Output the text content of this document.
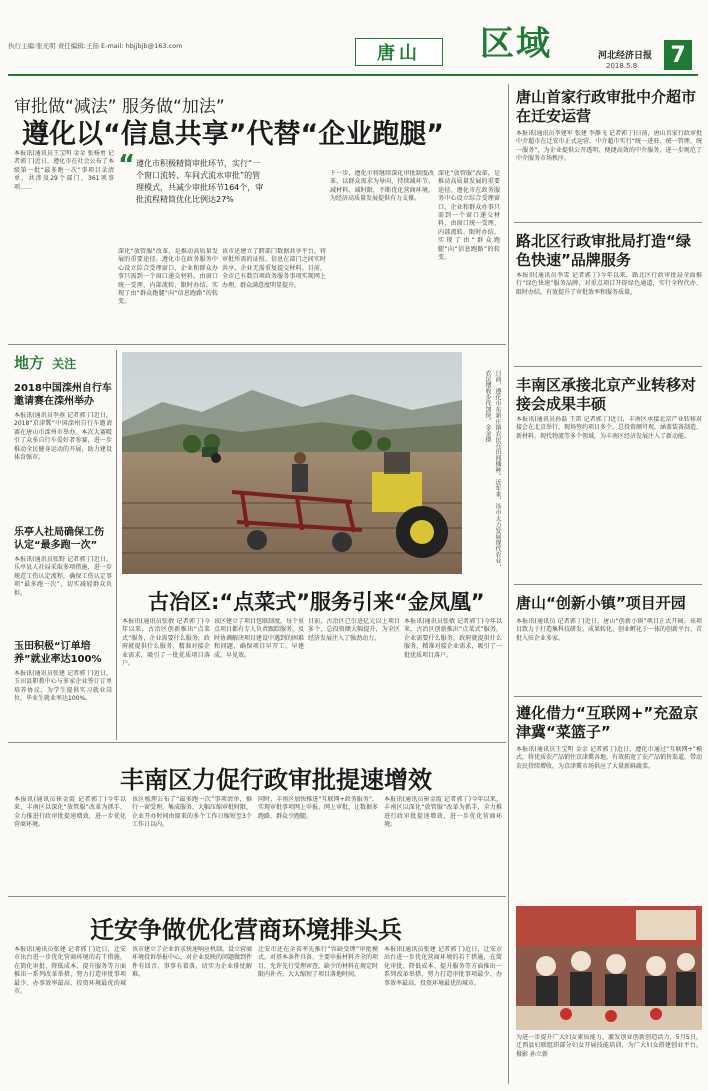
执行主编:张光明 责任编辑:王扬 E-mail: hbjjbjb@163.com	唐山 区域	河北经济日报
2018.5.8 7
审批做“减法” 服务做“加法”
遵化以“信息共享”代替“企业跑腿”
本报讯(通讯员王宝明 金金 张杨勇 记者郭丁)近日，遵化市在社会公布了本级第一批“最多跑一次”事项目录清单，共涉及29个部门、361项事项……
“ 遵化市积极精简审批环节，实行“一个窗口流转、车间式流水审批”的管理模式，共减少审批环节164个，审批流程精简优化比例达27%
深化“放管服”改革，是推动高质量发展的重要途径。遵化市在政务服务中心设立综合受理窗口，企业和群众办事只需到一个窗口递交材料，由窗口统一受理、内部流转、限时办结，实现了由“群众跑腿”向“信息跑路”的转变。
该市还建立了跨部门数据共享平台，将审批所需的证照、信息在部门之间实时共享，企业无需重复提交材料。目前，全市已有数百项政务服务事项实现网上办理，群众满意度明显提升。
下一步，遵化市将继续深化审批制度改革，以群众需求为导向，持续减环节、减材料、减时限，不断优化营商环境，为经济高质量发展提供有力支撑。
深化“放管服”改革，是推动高质量发展的重要途径。遵化市在政务服务中心设立综合受理窗口，企业和群众办事只需到一个窗口递交材料，由窗口统一受理、内部流转、限时办结，实现了由“群众跑腿”向“信息跑路”的转变。
地方 关注
2018中国滦州自行车邀请赛在滦州举办
本报讯(通讯员李燕 记者郭丁)近日，2018“京津冀”中国滦州自行车邀请赛在唐山市滦州市举办。本次大赛吸引了众多自行车爱好者参赛，进一步推动全民健身运动的开展，助力建设体育强市。
乐亭人社局确保工伤认定“最多跑一次”
本报讯(通讯员张野 记者郭丁)近日，乐亭县人社局采取多项措施，进一步规范工伤认定流程，确保工伤认定事项“最多跑一次”，切实减轻群众负担。
玉田积极“订单培养”就业率达100%
本报讯(通讯员张建 记者郭丁)近日，玉田县职教中心与多家企业签订订单培养协议，为学生提供实习就业岗位，毕业生就业率达100%。
日前，遵化市东新庄镇农民在田间播种。近年来，该市大力发展现代农业，农民增收步伐加快。金金摄
古冶区:“点菜式”服务引来“金凤凰”
本报讯(通讯员张敬 记者郭丁)今年以来，古冶区创新推出“点菜式”服务，企业需要什么服务，政府就提供什么服务，精准对接企业需求，吸引了一批优质项目落户。
该区建立了项目包联制度，每个重点项目都有专人负责跟踪服务，及时协调解决项目建设中遇到的困难和问题，确保项目早开工、早建成、早见效。
目前，古冶区已引进亿元以上项目多个，总投资额大幅提升，为全区经济发展注入了强劲动力。
本报讯(通讯员张敬 记者郭丁)今年以来，古冶区创新推出“点菜式”服务，企业需要什么服务，政府就提供什么服务，精准对接企业需求，吸引了一批优质项目落户。
丰南区力促行政审批提速增效
本报讯(通讯员崔金霞 记者郭丁)今年以来，丰南区以深化“放管服”改革为抓手，全力推进行政审批提速增效，进一步优化营商环境。
该区梳理公布了“最多跑一次”事项清单，推行一窗受理、集成服务，大幅压缩审批时限，企业开办时间由原来的多个工作日缩短至3个工作日以内。
同时，丰南区加快推进“互联网+政务服务”，实现审批事项网上申报、网上审批，让数据多跑路、群众少跑腿。
本报讯(通讯员崔金霞 记者郭丁)今年以来，丰南区以深化“放管服”改革为抓手，全力推进行政审批提速增效，进一步优化营商环境。
迁安争做优化营商环境排头兵
本报讯(通讯员张建 记者郭丁)近日，迁安市出台进一步优化营商环境的若干措施，在简化审批、降低成本、提升服务等方面推出一系列改革举措，努力打造审批事项最少、办事效率最高、投资环境最优的城市。
该市建立了企业诉求快速响应机制，设立营商环境投诉举报中心，对企业反映的问题做到件件有回音、事事有着落，切实为企业排忧解难。
迁安市还在全省率先推行“容缺受理”审批模式，对基本条件具备、主要申报材料齐全的项目，允许先行受理审查，缺少的材料在规定时限内补齐，大大缩短了项目落地时间。
本报讯(通讯员张建 记者郭丁)近日，迁安市出台进一步优化营商环境的若干措施，在简化审批、降低成本、提升服务等方面推出一系列改革举措，努力打造审批事项最少、办事效率最高、投资环境最优的城市。
唐山首家行政审批中介超市在迁安运营
本报讯(通讯员李建军 张建 李静飞 记者郭丁)日前，唐山首家行政审批中介超市在迁安市正式运营。中介超市实行“统一进驻、统一管理、统一服务”，为企业提供公开透明、便捷高效的中介服务，进一步规范了中介服务市场秩序。
路北区行政审批局打造“绿色快速”品牌服务
本报讯(通讯员李雪 记者郭丁)今年以来，路北区行政审批局全面推行“绿色快速”服务品牌，对重点项目开辟绿色通道，实行全程代办、限时办结，有效提升了审批效率和服务质量。
丰南区承接北京产业转移对接会成果丰硕
本报讯(通讯员孙磊 王雷 记者郭丁)近日，丰南区承接北京产业转移对接会在北京举行，现场签约项目多个，总投资额可观，涵盖装备制造、新材料、现代物流等多个领域，为丰南区经济发展注入了新动能。
唐山“创新小镇”项目开园
本报讯(通讯员 记者郭丁)近日，唐山“创新小镇”项目正式开园。该项目致力于打造集科技研发、成果转化、创业孵化于一体的创新平台，首批入驻企业多家。
遵化借力“互联网+”充盈京津冀“菜篮子”
本报讯(通讯员王宝明 金金 记者郭丁)近日，遵化市通过“互联网+”模式，将优质农产品销往京津冀各地，有效拓宽了农产品销售渠道，带动农民持续增收，为京津冀市场供应了大量新鲜蔬菜。
为进一步提升广大妇女素质能力，激发创业创新创造活力，5月5日，迁西县妇联组织部分妇女开展技能培训，为广大妇女搭建创业平台。 摄影 孙立新
